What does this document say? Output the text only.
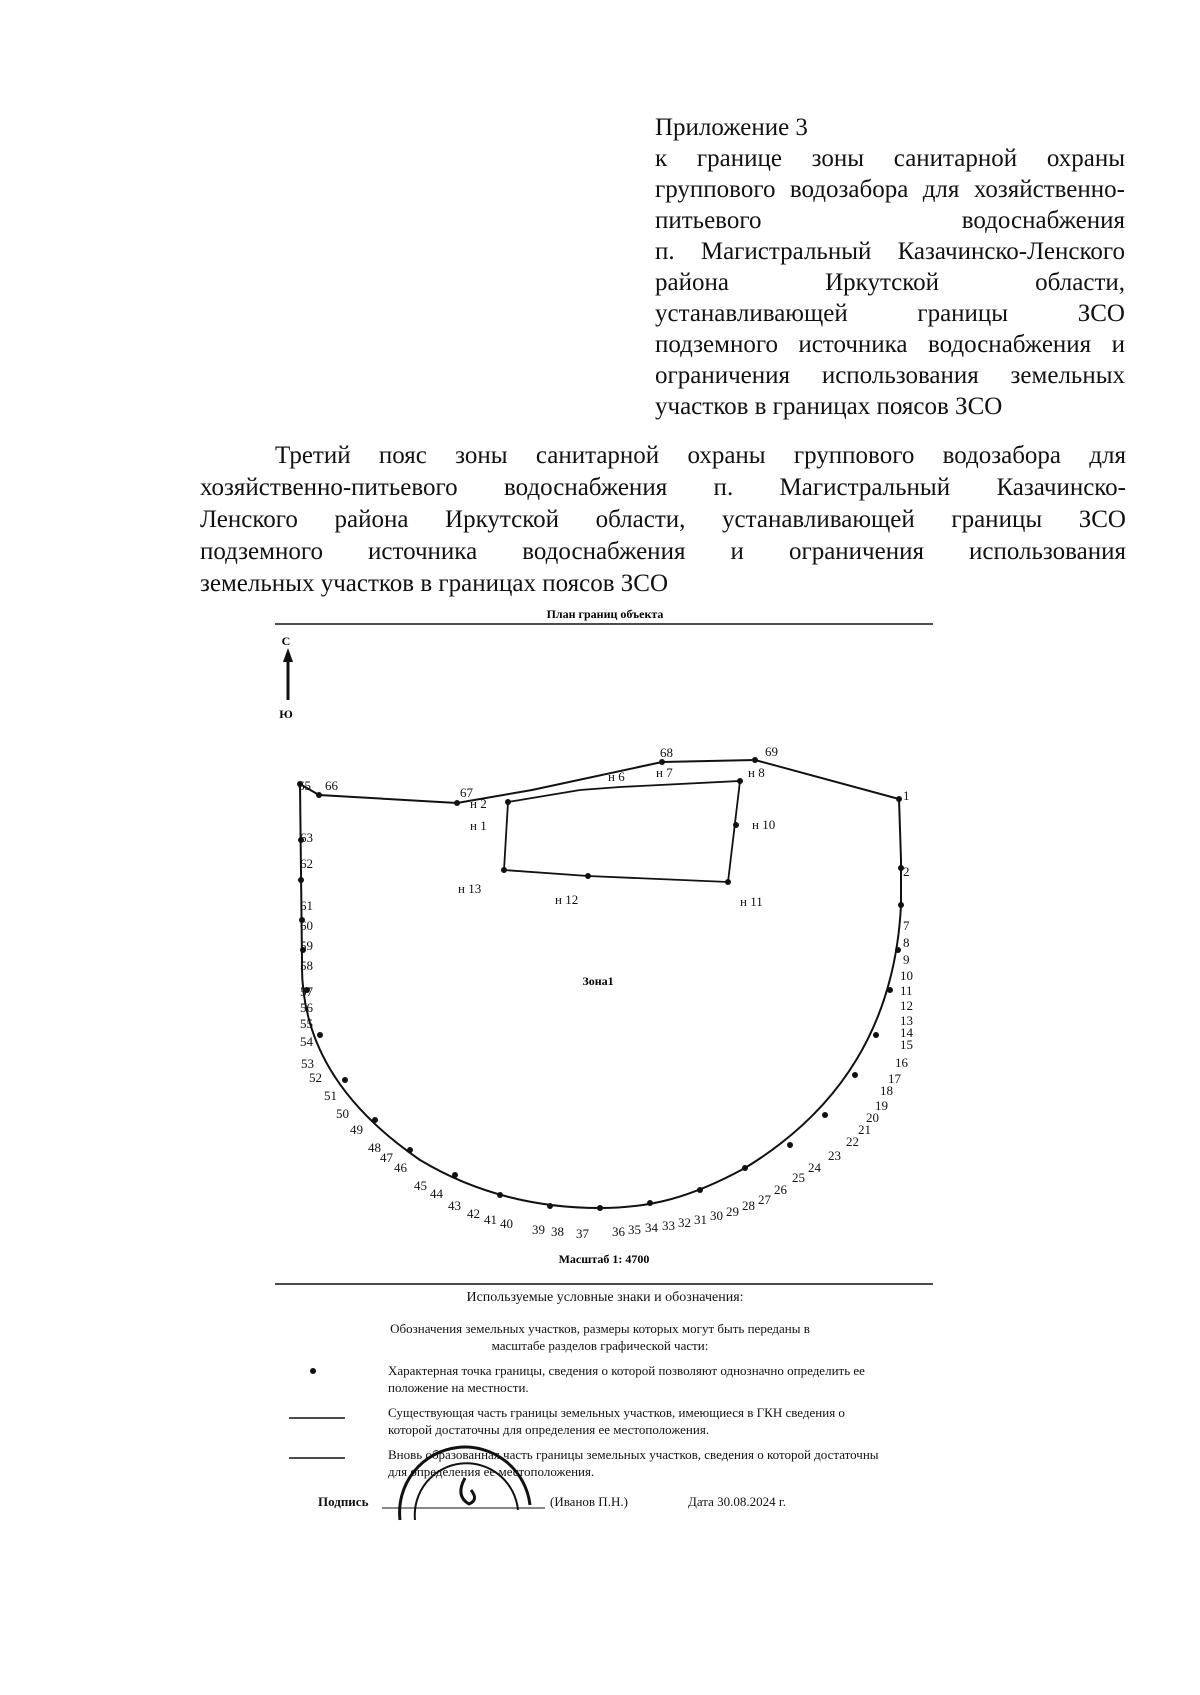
Приложение 3
к границе зоны санитарной охраны
группового водозабора для хозяйственно-
питьевого водоснабжения
п. Магистральный Казачинско-Ленского
района Иркутской области,
устанавливающей границы ЗСО
подземного источника водоснабжения и
ограничения использования земельных
участков в границах поясов ЗСО
Третий пояс зоны санитарной охраны группового водозабора для
хозяйственно-питьевого водоснабжения п. Магистральный Казачинско-
Ленского района Иркутской области, устанавливающей границы ЗСО
подземного источника водоснабжения и ограничения использования
земельных участков в границах поясов ЗСО
План границ объекта
С
Ю
65 66	67
68	69
1
2
7
8
9
10
11
12
13
14
15
16
17
18
19
20
21
22
23
24
25
26
27
28
29
30
31
32
33
34
35
36
37
38
39
40
41
42
43
44
45
46
47
48
49
50
51
52
53
54
55
56
57
58
59
60
61
62
63
н 1
н 2
н 6 н 7	н 8
н 10
н 11
н 12
н 13
Зона1
Масштаб 1: 4700
Используемые условные знаки и обозначения:
Обозначения земельных участков, размеры которых могут быть переданы в масштабе разделов графической части:
Характерная точка границы, сведения о которой позволяют однозначно определить ее положение на местности.
Существующая часть границы земельных участков, имеющиеся в ГКН сведения о которой достаточны для определения ее местоположения.
Вновь образованная часть границы земельных участков, сведения о которой достаточны для определения ее местоположения.
Подпись	(Иванов П.Н.)	Дата 30.08.2024 г.
